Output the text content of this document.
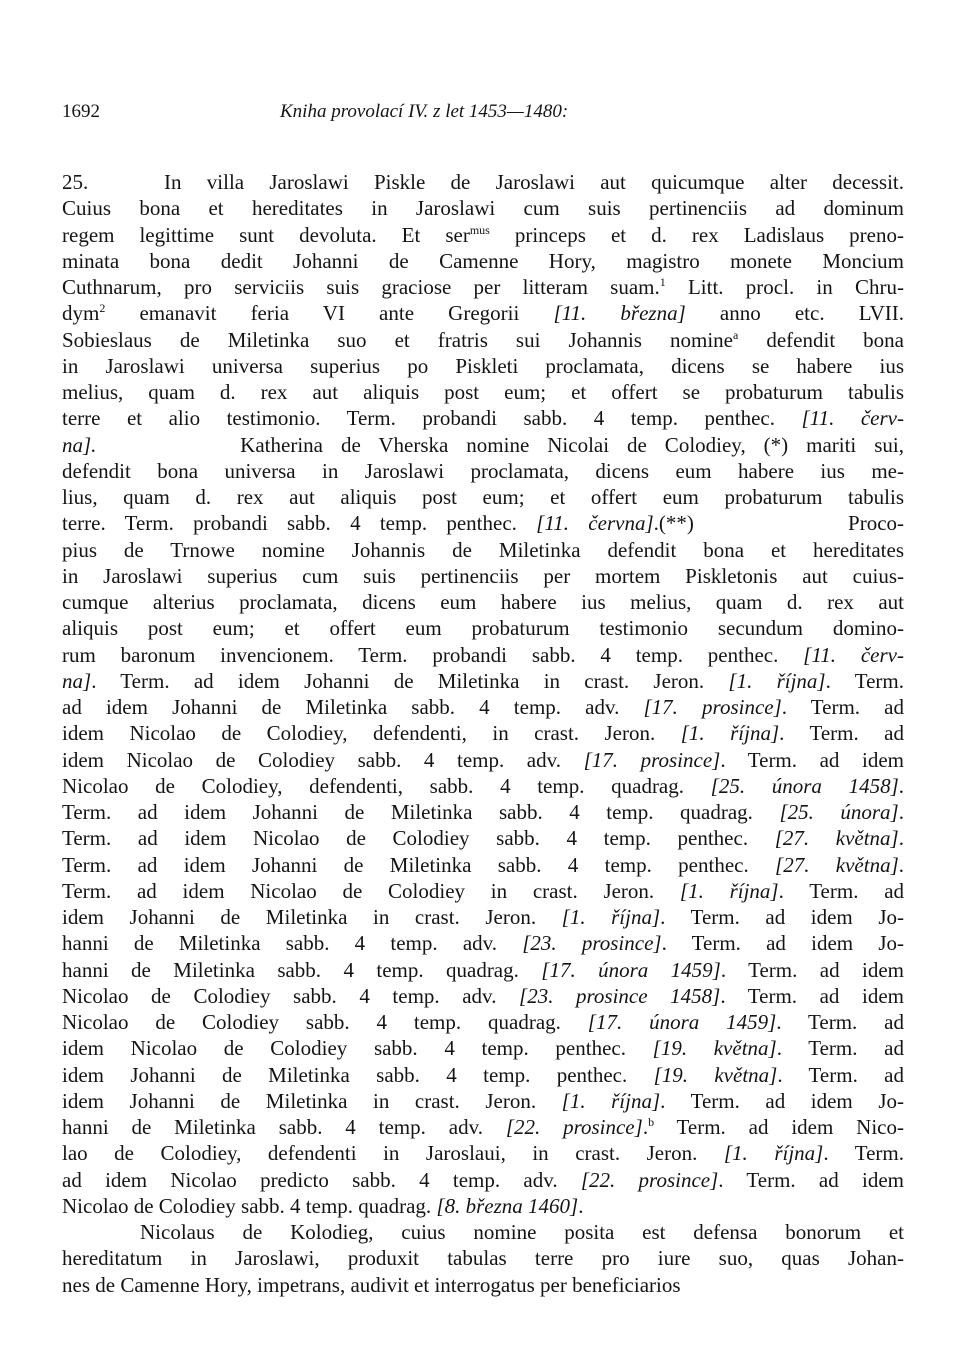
1692	Kniha provolací IV. z let 1453—1480:
25.   In villa Jaroslawi Piskle de Jaroslawi aut quicumque alter decessit.
Cuius bona et hereditates in Jaroslawi cum suis pertinenciis ad dominum
regem legittime sunt devoluta. Et ser$^{mus}$ princeps et d. rex Ladislaus preno-
minata bona dedit Johanni de Camenne Hory, magistro monete Moncium
Cuthnarum, pro serviciis suis graciose per litteram suam.$^1$ Litt. procl. in Chru-
dym$^2$ emanavit feria VI ante Gregorii [11. března] anno etc. LVII.
Sobieslaus de Miletinka suo et fratris sui Johannis nomine$^a$ defendit bona
in Jaroslawi universa superius po Piskleti proclamata, dicens se habere ius
melius, quam d. rex aut aliquis post eum; et offert se probaturum tabulis
terre et alio testimonio. Term. probandi sabb. 4 temp. penthec. [11. červ-
na].        Katherina de Vherska nomine Nicolai de Colodiey, (*) mariti sui,
defendit bona universa in Jaroslawi proclamata, dicens eum habere ius me-
lius, quam d. rex aut aliquis post eum; et offert eum probaturum tabulis
terre. Term. probandi sabb. 4 temp. penthec. [11. června].(**)        Proco-
pius de Trnowe nomine Johannis de Miletinka defendit bona et hereditates
in Jaroslawi superius cum suis pertinenciis per mortem Piskletonis aut cuius-
cumque alterius proclamata, dicens eum habere ius melius, quam d. rex aut
aliquis post eum; et offert eum probaturum testimonio secundum domino-
rum baronum invencionem. Term. probandi sabb. 4 temp. penthec. [11. červ-
na]. Term. ad idem Johanni de Miletinka in crast. Jeron. [1. října]. Term.
ad idem Johanni de Miletinka sabb. 4 temp. adv. [17. prosince]. Term. ad
idem Nicolao de Colodiey, defendenti, in crast. Jeron. [1. října]. Term. ad
idem Nicolao de Colodiey sabb. 4 temp. adv. [17. prosince]. Term. ad idem
Nicolao de Colodiey, defendenti, sabb. 4 temp. quadrag. [25. února 1458].
Term. ad idem Johanni de Miletinka sabb. 4 temp. quadrag. [25. února].
Term. ad idem Nicolao de Colodiey sabb. 4 temp. penthec. [27. května].
Term. ad idem Johanni de Miletinka sabb. 4 temp. penthec. [27. května].
Term. ad idem Nicolao de Colodiey in crast. Jeron. [1. října]. Term. ad
idem Johanni de Miletinka in crast. Jeron. [1. října]. Term. ad idem Jo-
hanni de Miletinka sabb. 4 temp. adv. [23. prosince]. Term. ad idem Jo-
hanni de Miletinka sabb. 4 temp. quadrag. [17. února 1459]. Term. ad idem
Nicolao de Colodiey sabb. 4 temp. adv. [23. prosince 1458]. Term. ad idem
Nicolao de Colodiey sabb. 4 temp. quadrag. [17. února 1459]. Term. ad
idem Nicolao de Colodiey sabb. 4 temp. penthec. [19. května]. Term. ad
idem Johanni de Miletinka sabb. 4 temp. penthec. [19. května]. Term. ad
idem Johanni de Miletinka in crast. Jeron. [1. října]. Term. ad idem Jo-
hanni de Miletinka sabb. 4 temp. adv. [22. prosince].$^b$ Term. ad idem Nico-
lao de Colodiey, defendenti in Jaroslaui, in crast. Jeron. [1. října]. Term.
ad idem Nicolao predicto sabb. 4 temp. adv. [22. prosince]. Term. ad idem
Nicolao de Colodiey sabb. 4 temp. quadrag. [8. března 1460].
Nicolaus de Kolodieg, cuius nomine posita est defensa bonorum et
hereditatum in Jaroslawi, produxit tabulas terre pro iure suo, quas Johan-
nes de Camenne Hory, impetrans, audivit et interrogatus per beneficiarios
